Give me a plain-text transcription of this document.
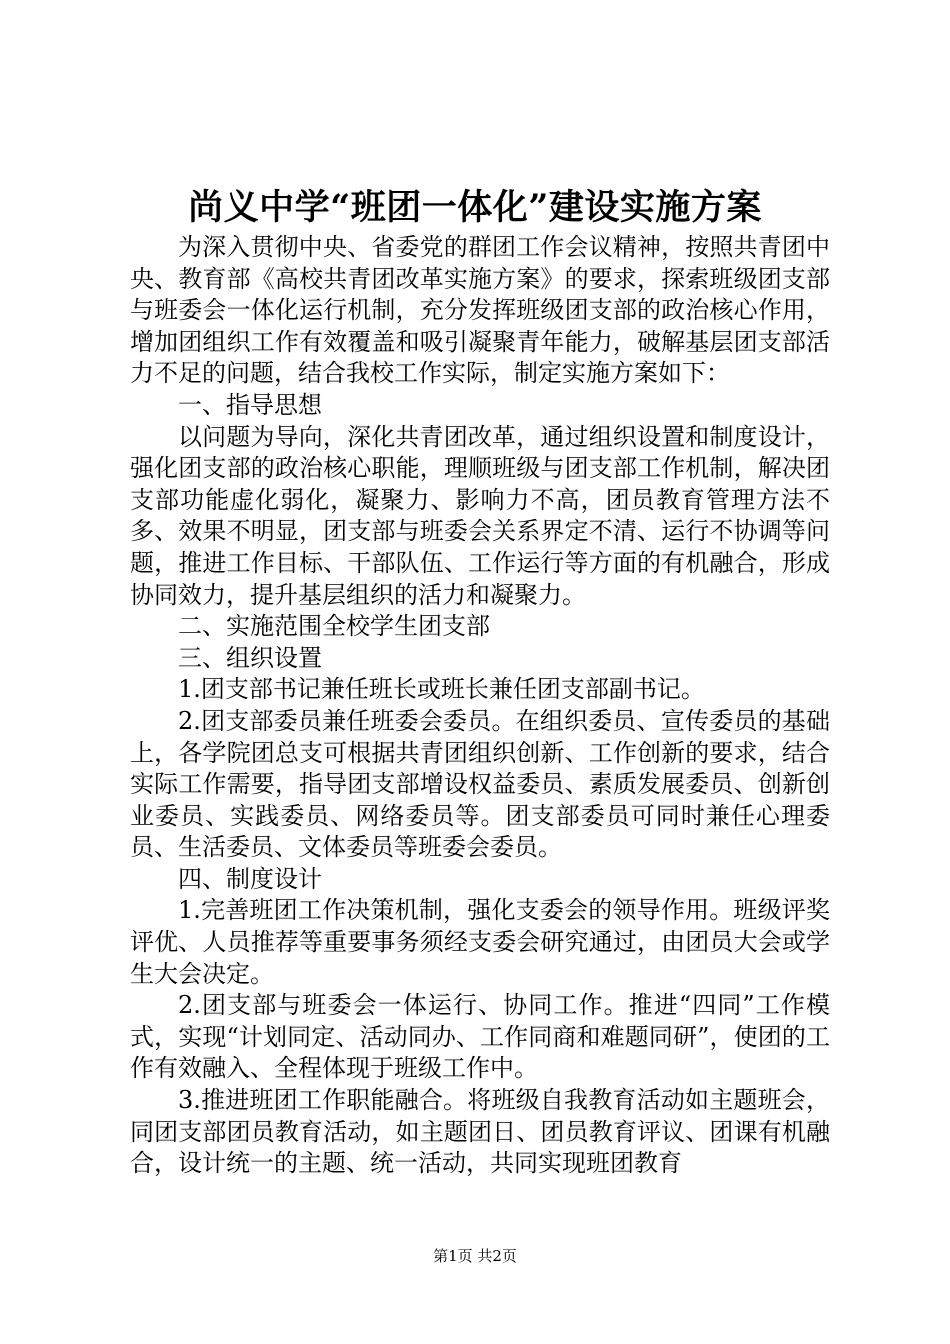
尚义中学“班团一体化”建设实施方案

为深入贯彻中央、省委党的群团工作会议精神，按照共青团中央、教育部《高校共青团改革实施方案》的要求，探索班级团支部与班委会一体化运行机制，充分发挥班级团支部的政治核心作用，增加团组织工作有效覆盖和吸引凝聚青年能力，破解基层团支部活力不足的问题，结合我校工作实际，制定实施方案如下：

一、指导思想

以问题为导向，深化共青团改革，通过组织设置和制度设计，强化团支部的政治核心职能，理顺班级与团支部工作机制，解决团支部功能虚化弱化，凝聚力、影响力不高，团员教育管理方法不多、效果不明显，团支部与班委会关系界定不清、运行不协调等问题，推进工作目标、干部队伍、工作运行等方面的有机融合，形成协同效力，提升基层组织的活力和凝聚力。

二、实施范围全校学生团支部

三、组织设置

1.团支部书记兼任班长或班长兼任团支部副书记。

2.团支部委员兼任班委会委员。在组织委员、宣传委员的基础上，各学院团总支可根据共青团组织创新、工作创新的要求，结合实际工作需要，指导团支部增设权益委员、素质发展委员、创新创业委员、实践委员、网络委员等。团支部委员可同时兼任心理委员、生活委员、文体委员等班委会委员。

四、制度设计

1.完善班团工作决策机制，强化支委会的领导作用。班级评奖评优、人员推荐等重要事务须经支委会研究通过，由团员大会或学生大会决定。

2.团支部与班委会一体运行、协同工作。推进“四同”工作模式，实现“计划同定、活动同办、工作同商和难题同研”，使团的工作有效融入、全程体现于班级工作中。

3.推进班团工作职能融合。将班级自我教育活动如主题班会，同团支部团员教育活动，如主题团日、团员教育评议、团课有机融合，设计统一的主题、统一活动，共同实现班团教育

第1页 共2页
